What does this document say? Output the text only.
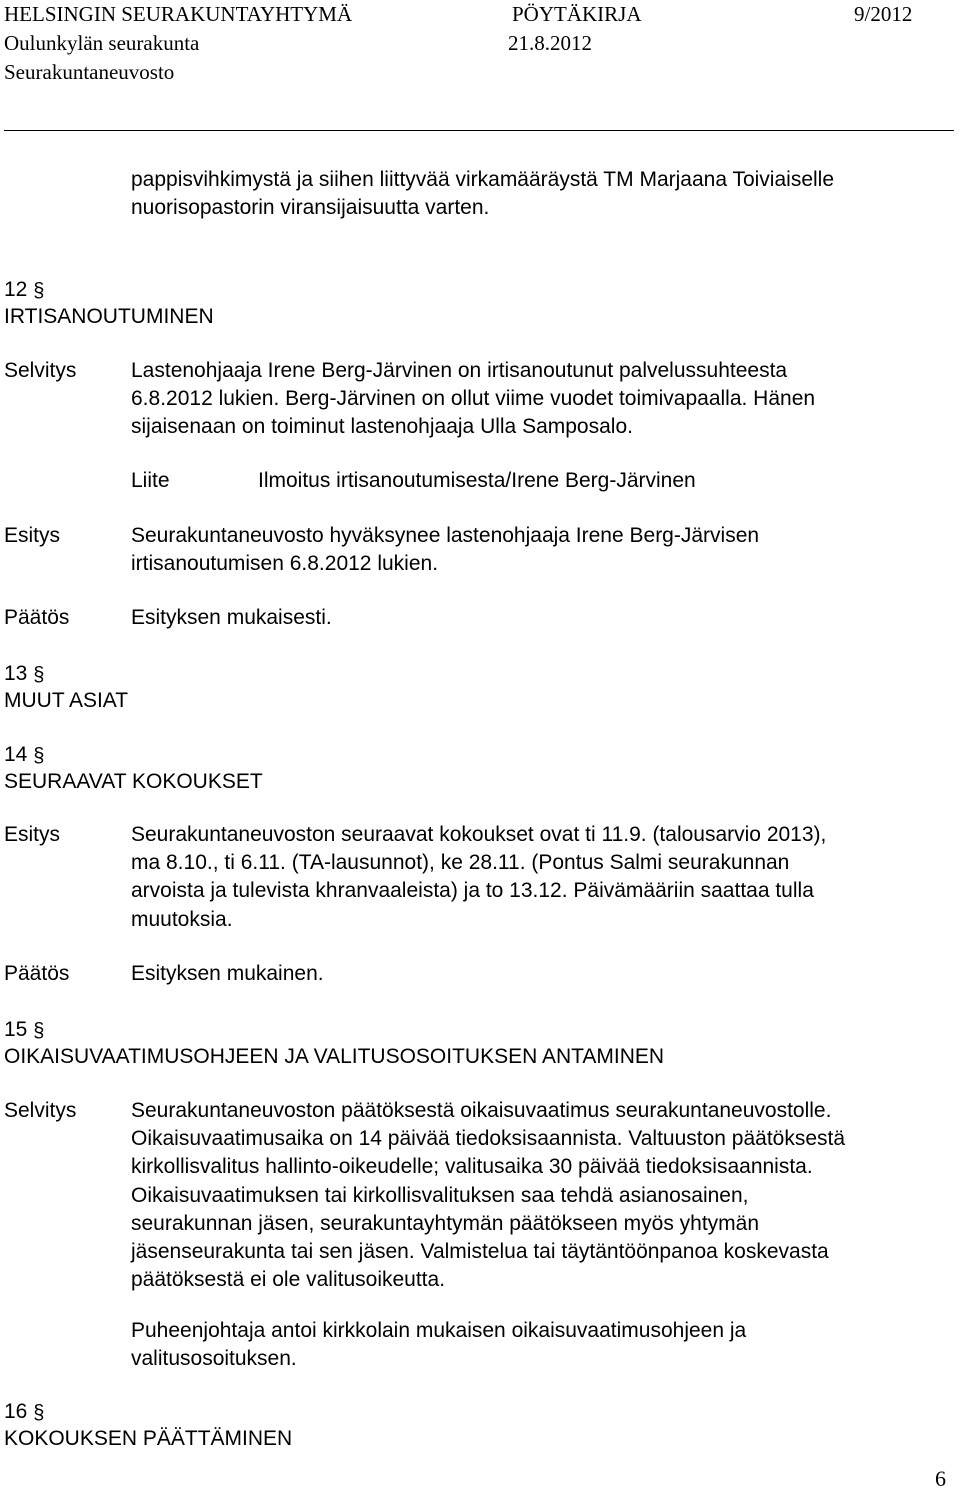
HELSINGIN SEURAKUNTAYHTYMÄ	PÖYTÄKIRJA	9/2012
Oulunkylän seurakunta	21.8.2012
Seurakuntaneuvosto
pappisvihkimystä ja siihen liittyvää virkamääräystä TM Marjaana Toiviaiselle
nuorisopastorin viransijaisuutta varten.
12 §
IRTISANOUTUMINEN
Selvitys	Lastenohjaaja Irene Berg-Järvinen on irtisanoutunut palvelussuhteesta
6.8.2012 lukien. Berg-Järvinen on ollut viime vuodet toimivapaalla. Hänen
sijaisenaan on toiminut lastenohjaaja Ulla Samposalo.
Liite	Ilmoitus irtisanoutumisesta/Irene Berg-Järvinen
Esitys	Seurakuntaneuvosto hyväksynee lastenohjaaja Irene Berg-Järvisen
irtisanoutumisen 6.8.2012 lukien.
Päätös	Esityksen mukaisesti.
13 §
MUUT ASIAT
14 §
SEURAAVAT KOKOUKSET
Esitys	Seurakuntaneuvoston seuraavat kokoukset ovat ti 11.9. (talousarvio 2013),
ma 8.10., ti 6.11. (TA-lausunnot), ke 28.11. (Pontus Salmi seurakunnan
arvoista ja tulevista khranvaaleista) ja to 13.12. Päivämääriin saattaa tulla
muutoksia.
Päätös	Esityksen mukainen.
15 §
OIKAISUVAATIMUSOHJEEN JA VALITUSOSOITUKSEN ANTAMINEN
Selvitys	Seurakuntaneuvoston päätöksestä oikaisuvaatimus seurakuntaneuvostolle.
Oikaisuvaatimusaika on 14 päivää tiedoksisaannista. Valtuuston päätöksestä
kirkollisvalitus hallinto-oikeudelle; valitusaika 30 päivää tiedoksisaannista.
Oikaisuvaatimuksen tai kirkollisvalituksen saa tehdä asianosainen,
seurakunnan jäsen, seurakuntayhtymän päätökseen myös yhtymän
jäsenseurakunta tai sen jäsen. Valmistelua tai täytäntöönpanoa koskevasta
päätöksestä ei ole valitusoikeutta.
Puheenjohtaja antoi kirkkolain mukaisen oikaisuvaatimusohjeen ja
valitusosoituksen.
16 §
KOKOUKSEN PÄÄTTÄMINEN
6
